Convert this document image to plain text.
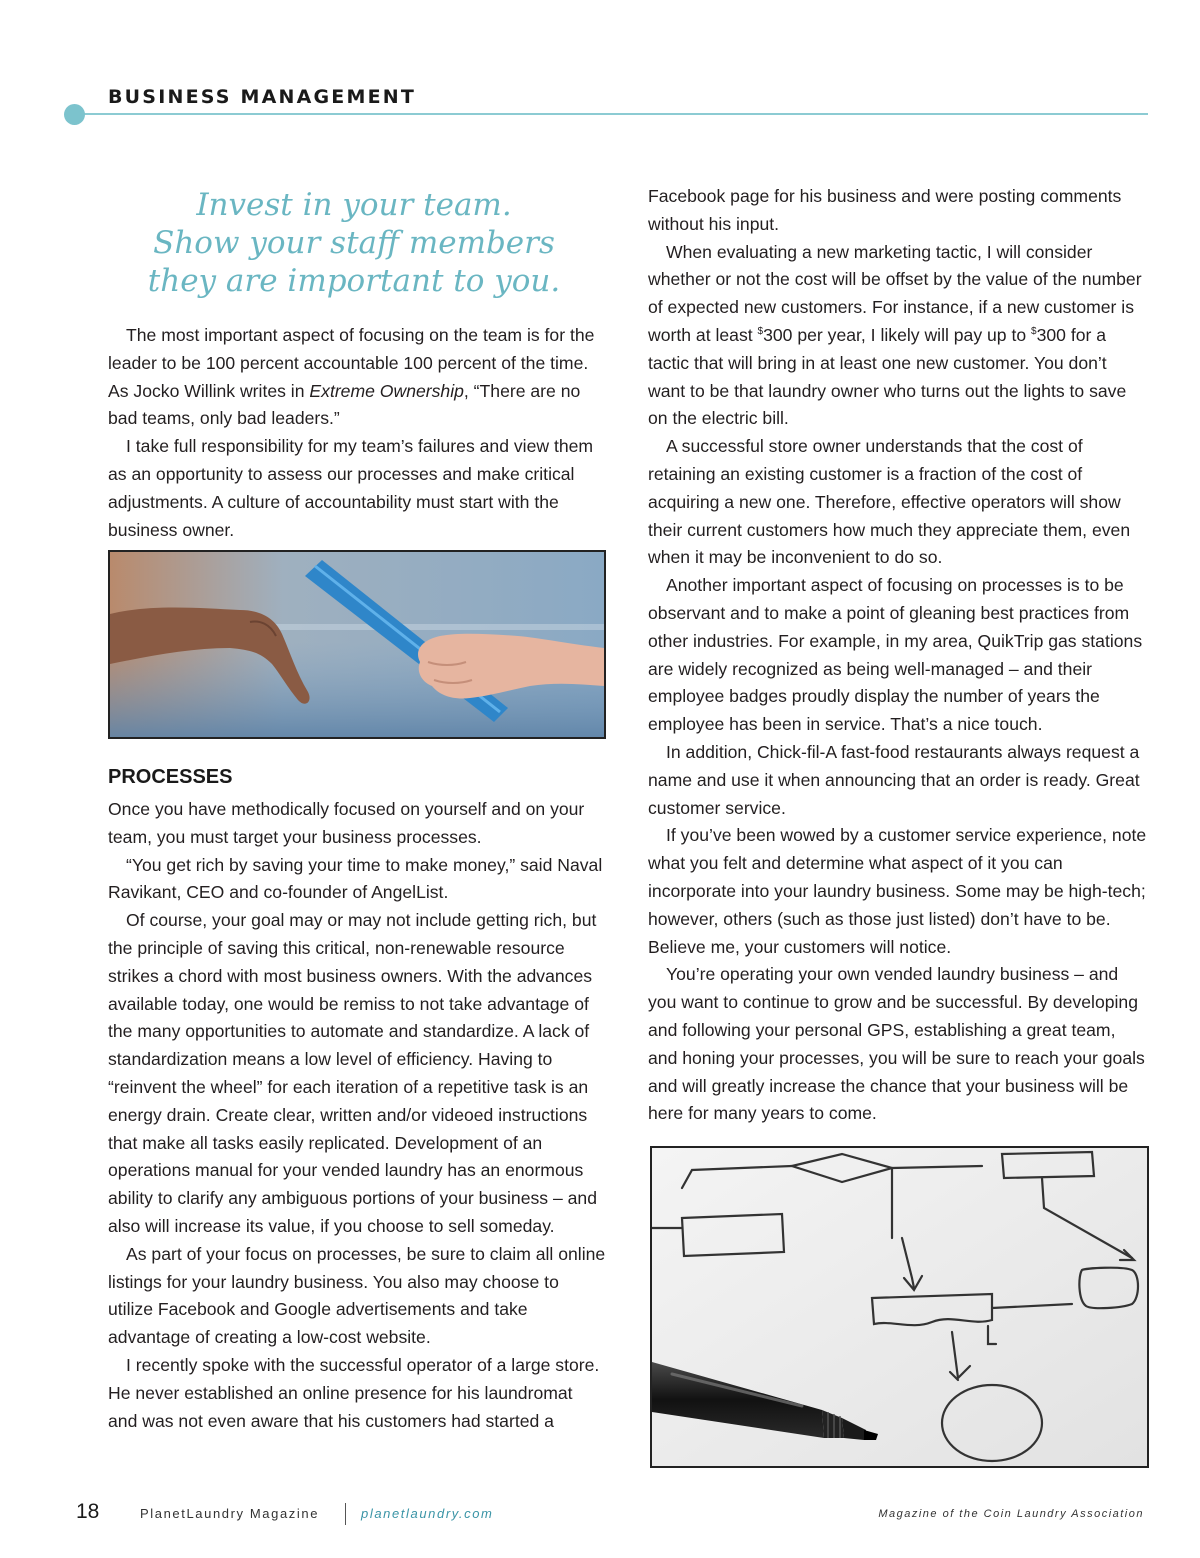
BUSINESS MANAGEMENT
Invest in your team.
Show your staff members
they are important to you.

The most important aspect of focusing on the team is for the leader to be 100 percent accountable 100 percent of the time. As Jocko Willink writes in Extreme Ownership, “There are no bad teams, only bad leaders.”

I take full responsibility for my team’s failures and view them as an opportunity to assess our processes and make critical adjustments. A culture of accountability must start with the business owner.

PROCESSES

Once you have methodically focused on yourself and on your team, you must target your business processes.

“You get rich by saving your time to make money,” said Naval Ravikant, CEO and co-founder of AngelList.

Of course, your goal may or may not include getting rich, but the principle of saving this critical, non-renewable resource strikes a chord with most business owners. With the advances available today, one would be remiss to not take advantage of the many opportunities to automate and standardize. A lack of standardization means a low level of efficiency. Having to “reinvent the wheel” for each iteration of a repetitive task is an energy drain. Create clear, written and/or videoed instructions that make all tasks easily replicated. Development of an operations manual for your vended laundry has an enormous ability to clarify any ambiguous portions of your business – and also will increase its value, if you choose to sell someday.

As part of your focus on processes, be sure to claim all online listings for your laundry business. You also may choose to utilize Facebook and Google advertisements and take advantage of creating a low-cost website.

I recently spoke with the successful operator of a large store. He never established an online presence for his laundromat and was not even aware that his customers had started a

Facebook page for his business and were posting comments without his input.

When evaluating a new marketing tactic, I will consider whether or not the cost will be offset by the value of the number of expected new customers. For instance, if a new customer is worth at least $300 per year, I likely will pay up to $300 for a tactic that will bring in at least one new customer. You don’t want to be that laundry owner who turns out the lights to save on the electric bill.

A successful store owner understands that the cost of retaining an existing customer is a fraction of the cost of acquiring a new one. Therefore, effective operators will show their current customers how much they appreciate them, even when it may be inconvenient to do so.

Another important aspect of focusing on processes is to be observant and to make a point of gleaning best practices from other industries. For example, in my area, QuikTrip gas stations are widely recognized as being well-managed – and their employee badges proudly display the number of years the employee has been in service. That’s a nice touch.

In addition, Chick-fil-A fast-food restaurants always request a name and use it when announcing that an order is ready. Great customer service.

If you’ve been wowed by a customer service experience, note what you felt and determine what aspect of it you can incorporate into your laundry business. Some may be high-tech; however, others (such as those just listed) don’t have to be. Believe me, your customers will notice.

You’re operating your own vended laundry business – and you want to continue to grow and be successful. By developing and following your personal GPS, establishing a great team, and honing your processes, you will be sure to reach your goals and will greatly increase the chance that your business will be here for many years to come.

18	PlanetLaundry Magazine	planetlaundry.com	Magazine of the Coin Laundry Association
